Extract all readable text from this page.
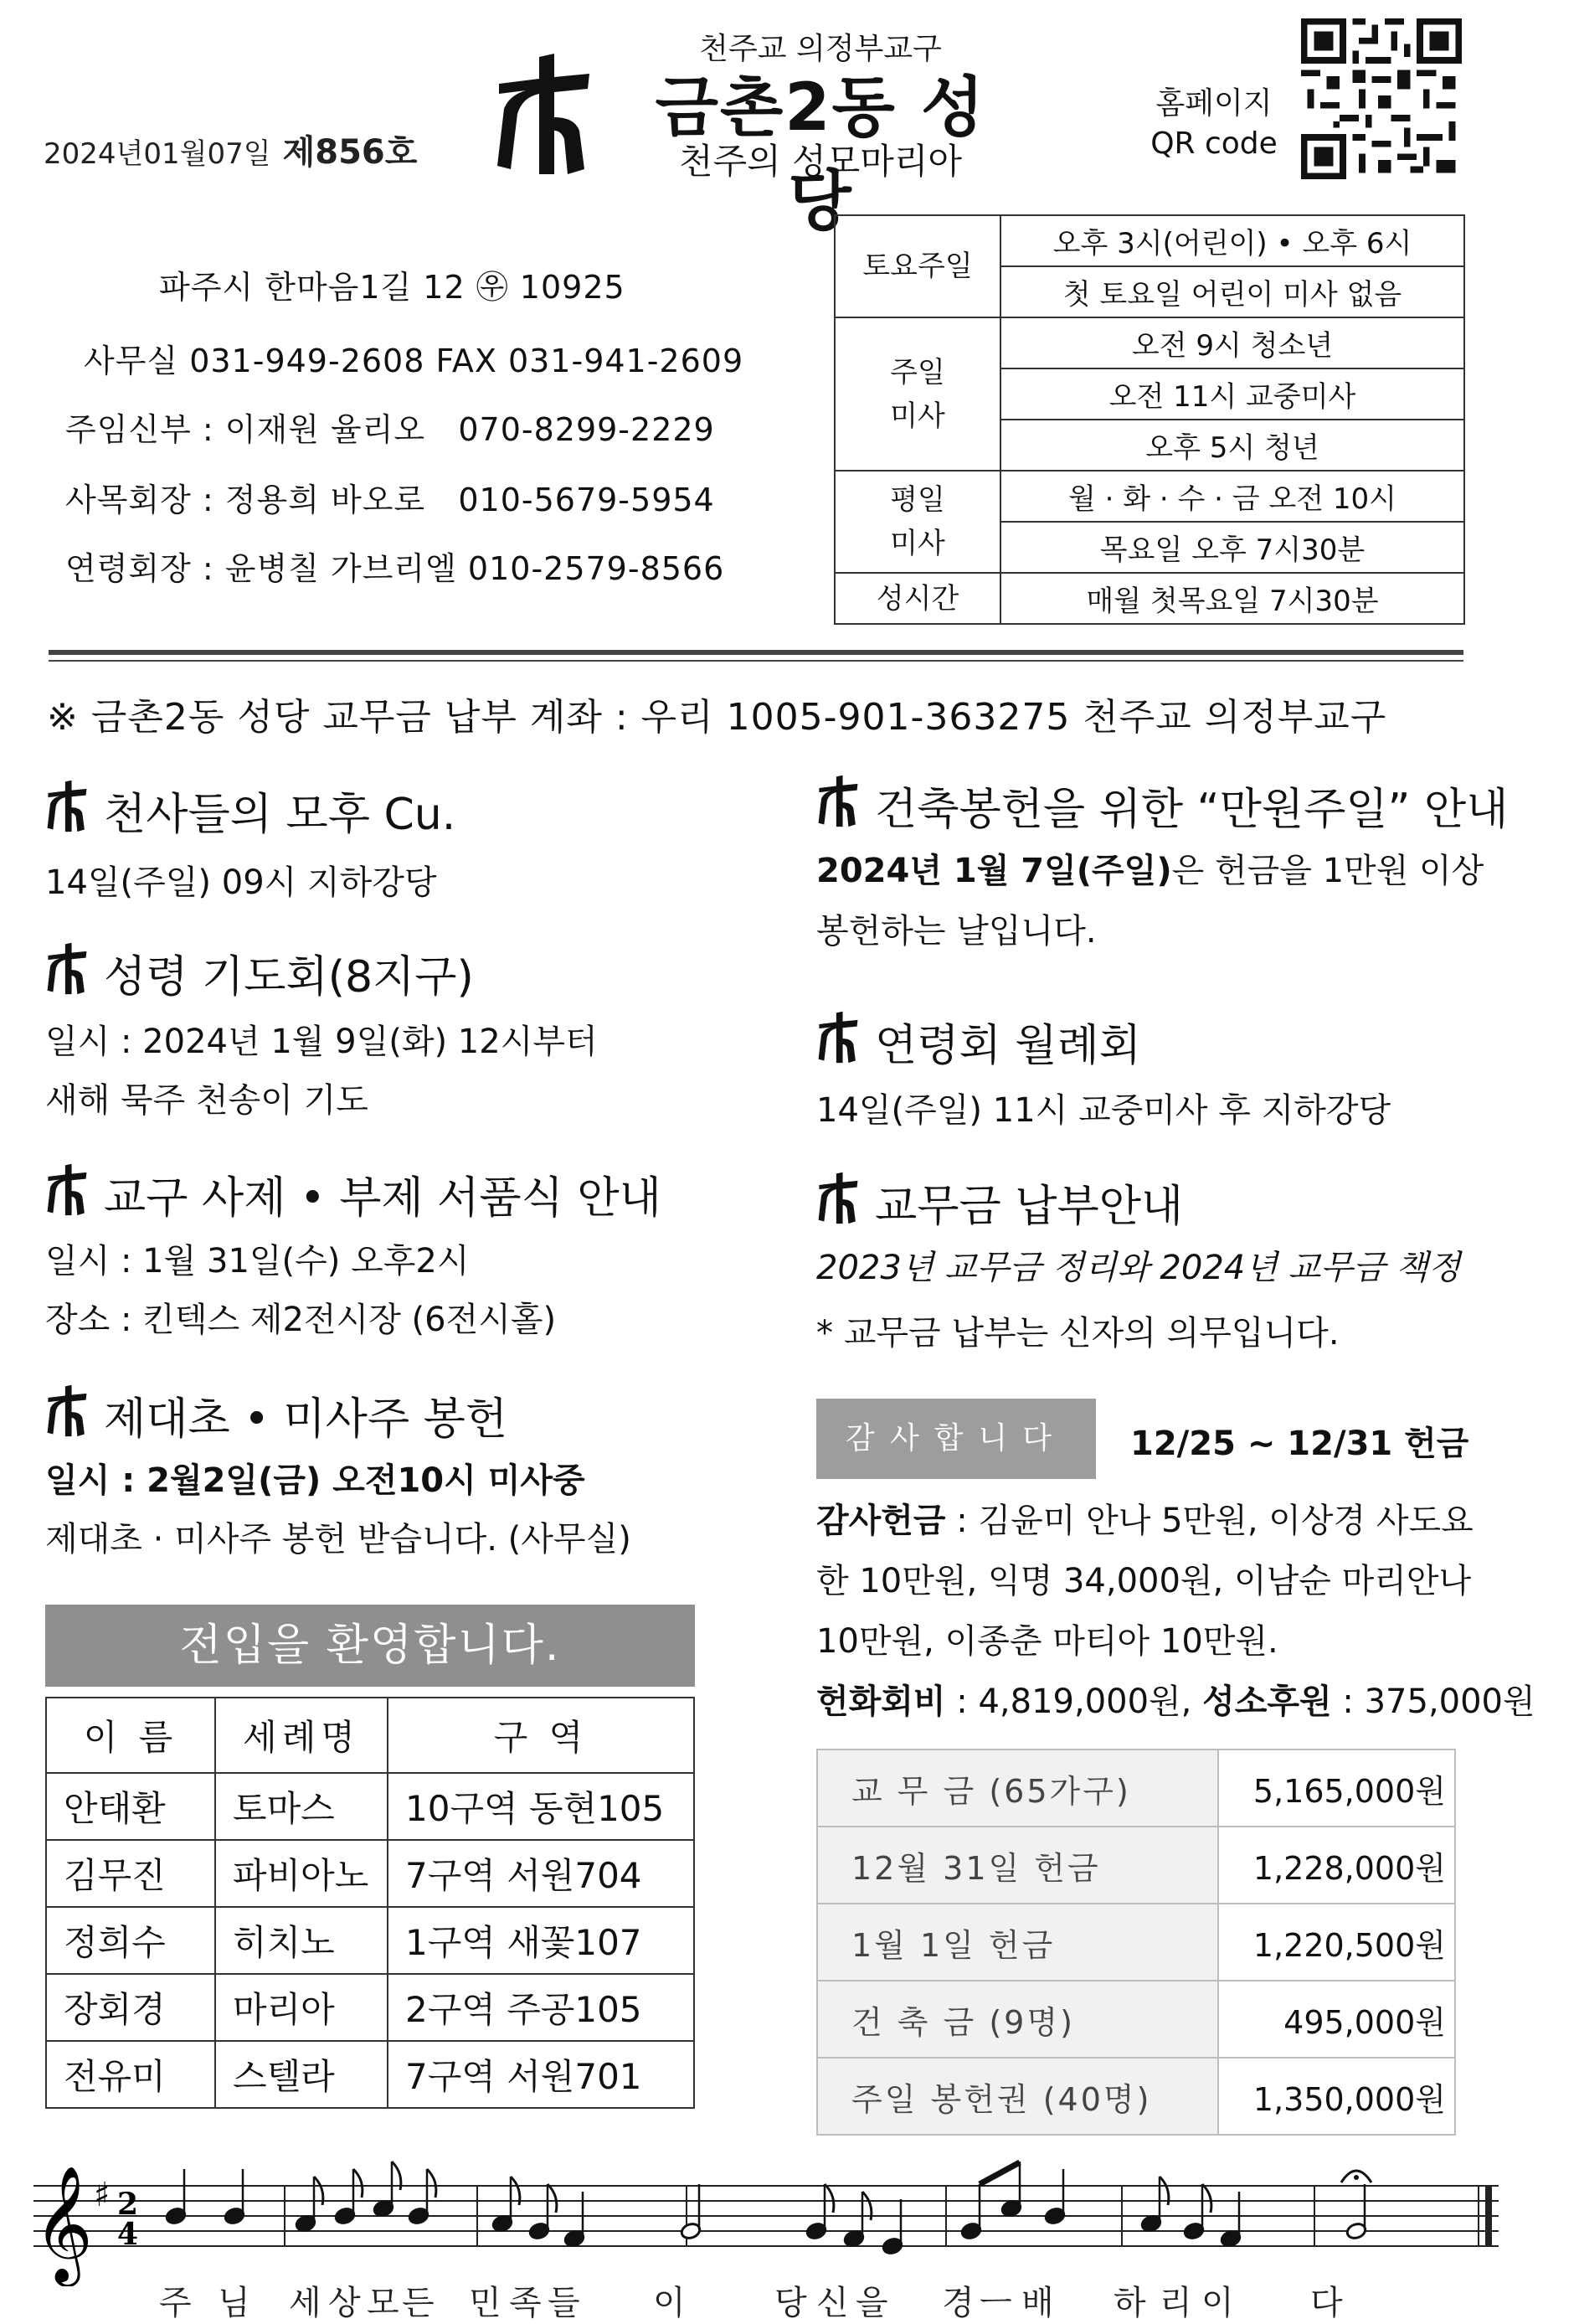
2024년01월07일 제856호
천주교 의정부교구
금촌2동 성당
천주의 성모마리아
홈페이지
QR code
파주시 한마음1길 12 ㉾ 10925
사무실 031-949-2608 FAX 031-941-2609
주임신부 : 이재원 율리오   070-8299-2229
사목회장 : 정용희 바오로   010-5679-5954
연령회장 : 윤병칠 가브리엘 010-2579-8566
토요주일	오후 3시(어린이) • 오후 6시
	첫 토요일 어린이 미사 없음

주일
미사	오전 9시 청소년
	오전 11시 교중미사
	오후 5시 청년

평일
미사	월 · 화 · 수 · 금 오전 10시
	목요일 오후 7시30분
성시간	매월 첫목요일 7시30분
※ 금촌2동 성당 교무금 납부 계좌 : 우리 1005-901-363275 천주교 의정부교구
천사들의 모후 Cu.
14일(주일) 09시 지하강당
성령 기도회(8지구)
일시 : 2024년 1월 9일(화) 12시부터
새해 묵주 천송이 기도
교구 사제 • 부제 서품식 안내
일시 : 1월 31일(수) 오후2시
장소 : 킨텍스 제2전시장 (6전시홀)
제대초 • 미사주 봉헌
일시 : 2월2일(금) 오전10시 미사중
제대초 · 미사주 봉헌 받습니다. (사무실)
전입을 환영합니다.
이 름	세례명	구 역
안태환	토마스	10구역 동현105
김무진	파비아노	7구역 서원704
정희수	히치노	1구역 새꽃107
장회경	마리아	2구역 주공105
전유미	스텔라	7구역 서원701
건축봉헌을 위한 “만원주일” 안내
2024년 1월 7일(주일)은 헌금을 1만원 이상
봉헌하는 날입니다.
연령회 월례회
14일(주일) 11시 교중미사 후 지하강당
교무금 납부안내
2023년 교무금 정리와 2024년 교무금 책정
* 교무금 납부는 신자의 의무입니다.
감사합니다	12/25 ~ 12/31 헌금
감사헌금 : 김윤미 안나 5만원, 이상경 사도요
한 10만원, 익명 34,000원, 이남순 마리안나
10만원, 이종춘 마티아 10만원.
헌화회비 : 4,819,000원, 성소후원 : 375,000원
교 무 금 (65가구)	5,165,000원
12월 31일 헌금	1,228,000원
1월 1일 헌금	1,220,500원
건 축 금 (9명)	495,000원
주일 봉헌권 (40명)	1,350,000원
𝄞 ♯ 2
4
주 님 세 상 모 든 민 족 들 이	당 신 을 경 ㅡ 배 하 리 이 다
